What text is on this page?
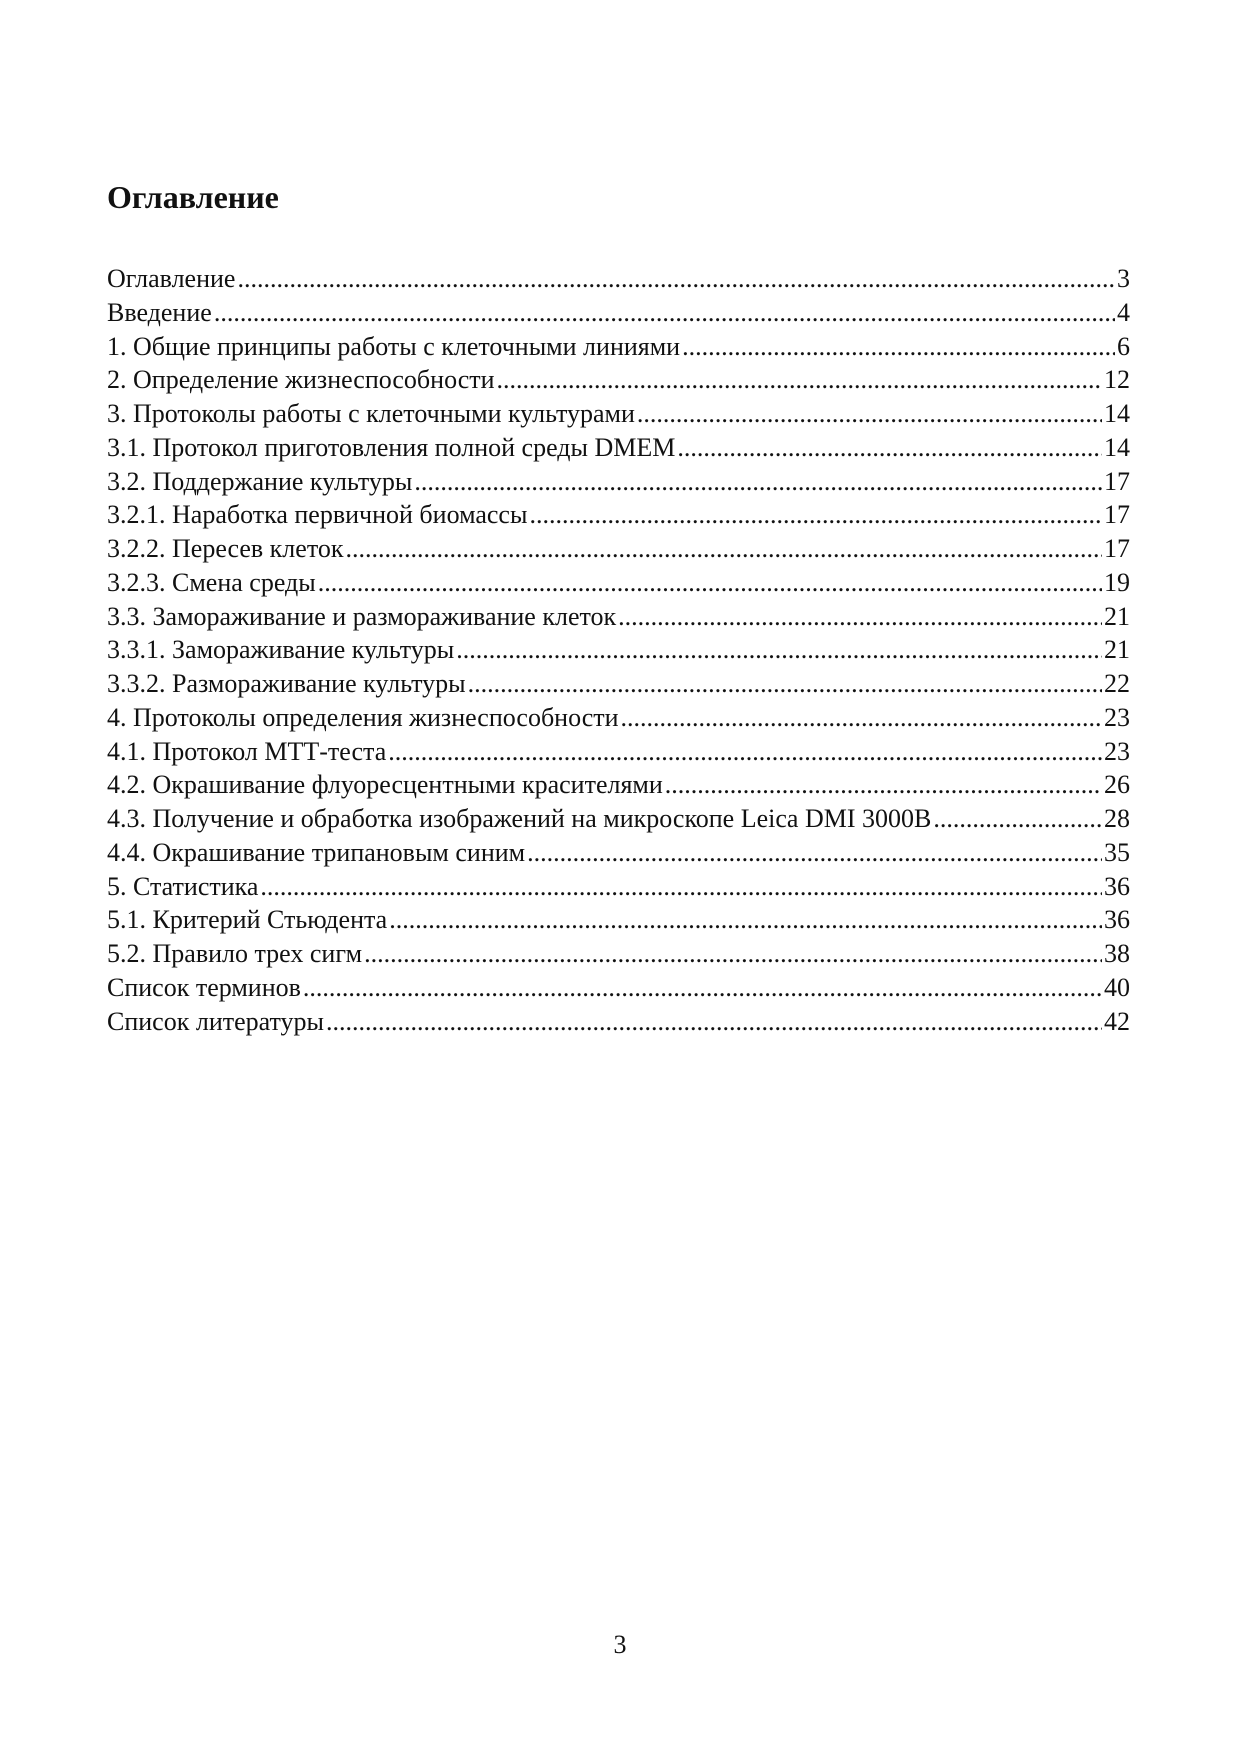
Оглавление
Оглавление .....	3
Введение .....	4
1. Общие принципы работы с клеточными линиями .....	6
2. Определение жизнеспособности .....	12
3. Протоколы работы с клеточными культурами .....	14
3.1. Протокол приготовления полной среды DMEM .....	14
3.2. Поддержание культуры .....	17
3.2.1. Наработка первичной биомассы .....	17
3.2.2. Пересев клеток .....	17
3.2.3. Смена среды .....	19
3.3. Замораживание и размораживание клеток .....	21
3.3.1. Замораживание культуры .....	21
3.3.2. Размораживание культуры .....	22
4. Протоколы определения жизнеспособности .....	23
4.1. Протокол МТТ-теста .....	23
4.2. Окрашивание флуоресцентными красителями .....	26
4.3. Получение и обработка изображений на микроскопе Leica DMI 3000B .....	28
4.4. Окрашивание трипановым синим .....	35
5. Статистика .....	36
5.1. Критерий Стьюдента .....	36
5.2. Правило трех сигм .....	38
Список терминов .....	40
Список литературы .....	42
3
